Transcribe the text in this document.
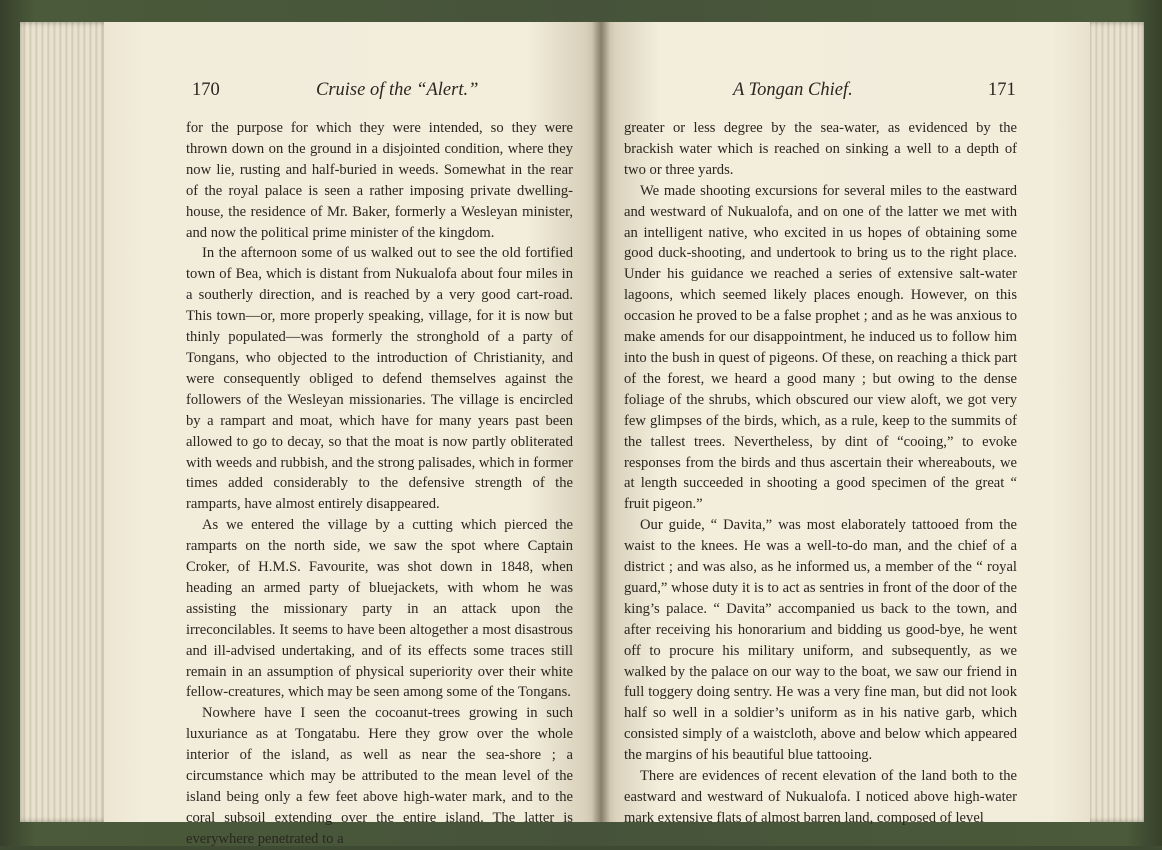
170	Cruise of the “Alert.”

for the purpose for which they were intended, so they were thrown down on the ground in a disjointed condition, where they now lie, rusting and half-buried in weeds. Somewhat in the rear of the royal palace is seen a rather imposing private dwelling-house, the residence of Mr. Baker, formerly a Wesleyan minister, and now the political prime minister of the kingdom.

In the afternoon some of us walked out to see the old fortified town of Bea, which is distant from Nukualofa about four miles in a southerly direction, and is reached by a very good cart-road. This town—or, more properly speaking, village, for it is now but thinly populated—was formerly the stronghold of a party of Tongans, who objected to the introduction of Christianity, and were consequently obliged to defend themselves against the followers of the Wesleyan missionaries. The village is encircled by a rampart and moat, which have for many years past been allowed to go to decay, so that the moat is now partly obliterated with weeds and rubbish, and the strong palisades, which in former times added considerably to the defensive strength of the ramparts, have almost entirely disappeared.

As we entered the village by a cutting which pierced the ramparts on the north side, we saw the spot where Captain Croker, of H.M.S. Favourite, was shot down in 1848, when heading an armed party of bluejackets, with whom he was assisting the missionary party in an attack upon the irreconcilables. It seems to have been altogether a most disastrous and ill-advised undertaking, and of its effects some traces still remain in an assumption of physical superiority over their white fellow-creatures, which may be seen among some of the Tongans.

Nowhere have I seen the cocoanut-trees growing in such luxuriance as at Tongatabu. Here they grow over the whole interior of the island, as well as near the sea-shore ; a circumstance which may be attributed to the mean level of the island being only a few feet above high-water mark, and to the coral subsoil extending over the entire island. The latter is everywhere penetrated to a

A Tongan Chief.	171

greater or less degree by the sea-water, as evidenced by the brackish water which is reached on sinking a well to a depth of two or three yards.

We made shooting excursions for several miles to the eastward and westward of Nukualofa, and on one of the latter we met with an intelligent native, who excited in us hopes of obtaining some good duck-shooting, and undertook to bring us to the right place. Under his guidance we reached a series of extensive salt-water lagoons, which seemed likely places enough. However, on this occasion he proved to be a false prophet ; and as he was anxious to make amends for our disappointment, he induced us to follow him into the bush in quest of pigeons. Of these, on reaching a thick part of the forest, we heard a good many ; but owing to the dense foliage of the shrubs, which obscured our view aloft, we got very few glimpses of the birds, which, as a rule, keep to the summits of the tallest trees. Nevertheless, by dint of “cooing,” to evoke responses from the birds and thus ascertain their whereabouts, we at length succeeded in shooting a good specimen of the great “ fruit pigeon.”

Our guide, “ Davita,” was most elaborately tattooed from the waist to the knees. He was a well-to-do man, and the chief of a district ; and was also, as he informed us, a member of the “ royal guard,” whose duty it is to act as sentries in front of the door of the king’s palace. “ Davita” accompanied us back to the town, and after receiving his honorarium and bidding us good-bye, he went off to procure his military uniform, and subsequently, as we walked by the palace on our way to the boat, we saw our friend in full toggery doing sentry. He was a very fine man, but did not look half so well in a soldier’s uniform as in his native garb, which consisted simply of a waistcloth, above and below which appeared the margins of his beautiful blue tattooing.

There are evidences of recent elevation of the land both to the eastward and westward of Nukualofa. I noticed above high-water mark extensive flats of almost barren land, composed of level
